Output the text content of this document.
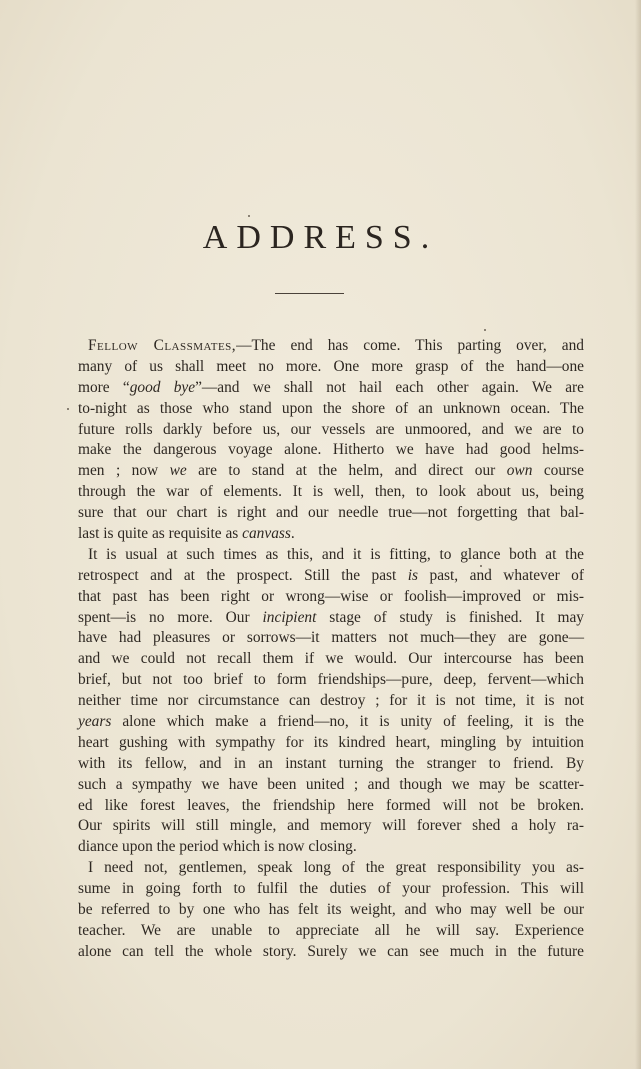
ADDRESS.
Fellow Classmates,—The end has come. This parting over, and
many of us shall meet no more. One more grasp of the hand—one
more “good bye”—and we shall not hail each other again. We are
to-night as those who stand upon the shore of an unknown ocean. The
future rolls darkly before us, our vessels are unmoored, and we are to
make the dangerous voyage alone. Hitherto we have had good helms-
men ; now we are to stand at the helm, and direct our own course
through the war of elements. It is well, then, to look about us, being
sure that our chart is right and our needle true—not forgetting that bal-
last is quite as requisite as canvass.
It is usual at such times as this, and it is fitting, to glance both at the
retrospect and at the prospect. Still the past is past, and whatever of
that past has been right or wrong—wise or foolish—improved or mis-
spent—is no more. Our incipient stage of study is finished. It may
have had pleasures or sorrows—it matters not much—they are gone—
and we could not recall them if we would. Our intercourse has been
brief, but not too brief to form friendships—pure, deep, fervent—which
neither time nor circumstance can destroy ; for it is not time, it is not
years alone which make a friend—no, it is unity of feeling, it is the
heart gushing with sympathy for its kindred heart, mingling by intuition
with its fellow, and in an instant turning the stranger to friend. By
such a sympathy we have been united ; and though we may be scatter-
ed like forest leaves, the friendship here formed will not be broken.
Our spirits will still mingle, and memory will forever shed a holy ra-
diance upon the period which is now closing.
I need not, gentlemen, speak long of the great responsibility you as-
sume in going forth to fulfil the duties of your profession. This will
be referred to by one who has felt its weight, and who may well be our
teacher. We are unable to appreciate all he will say. Experience
alone can tell the whole story. Surely we can see much in the future
